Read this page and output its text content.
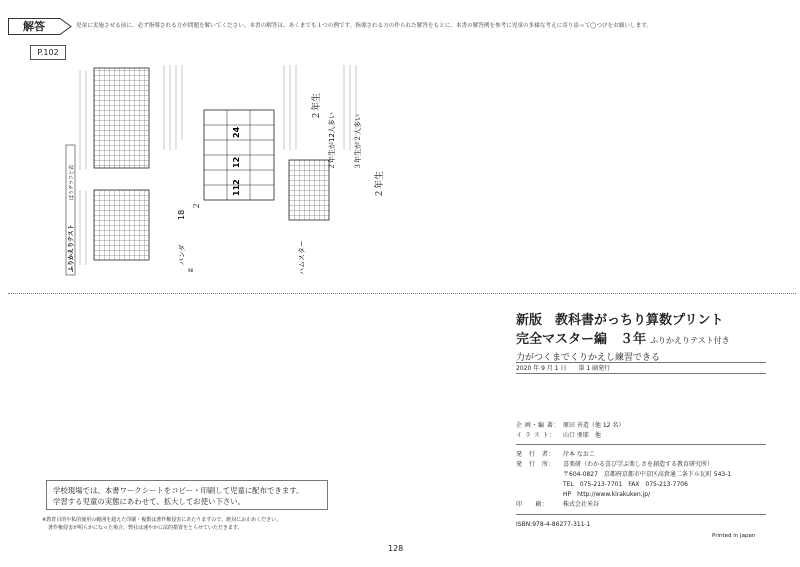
解答	児童に実施させる前に、必ず指導される方が問題を解いてください。本書の解答は、あくまでも１つの例です。指導される方の作られた解答をもとに、本書の解答例を参考に児童の多様な考えに寄り添って◯つけをお願いします。
P.102
ふりかえりテスト
ぼうグラフと表
24
12
112
２年生
２年生
２年生が12人多い	３年生が２人多い
パンダ
18
ハムスター
２
98
新版　教科書がっちり算数プリント
完全マスター編　３年 ふりかえりテスト付き
力がつくまでくりかえし練習できる
2020 年 9 月 1 日　　第 1 刷発行
企 画・編 著： 原田 善造（他 12 名）
イ ラ ス ト： 山口 亜耶　他
発　行　者： 岸本 なおこ
発　行　所： 喜楽研（わかる喜び学ぶ楽しさを創造する教育研究所）
〒604-0827　京都府京都市中京区高倉通二条下ル瓦町 543-1
TEL　075-213-7701　FAX　075-213-7706
HP　http://www.kirakuken.jp/
印　　刷： 株式会社米谷
ISBN:978-4-86277-311-1
Printed in Japan
学校現場では、本書ワークシートをコピー・印刷して児童に配布できます。
学習する児童の実態にあわせて、拡大してお使い下さい。
※教育目的や私的使用の範囲を超えた印刷・複製は著作権侵害にあたりますので、絶対にお止めください。
著作権侵害が明らかになった場合、弊社は速やかに法的措置をとらせていただきます。
128
